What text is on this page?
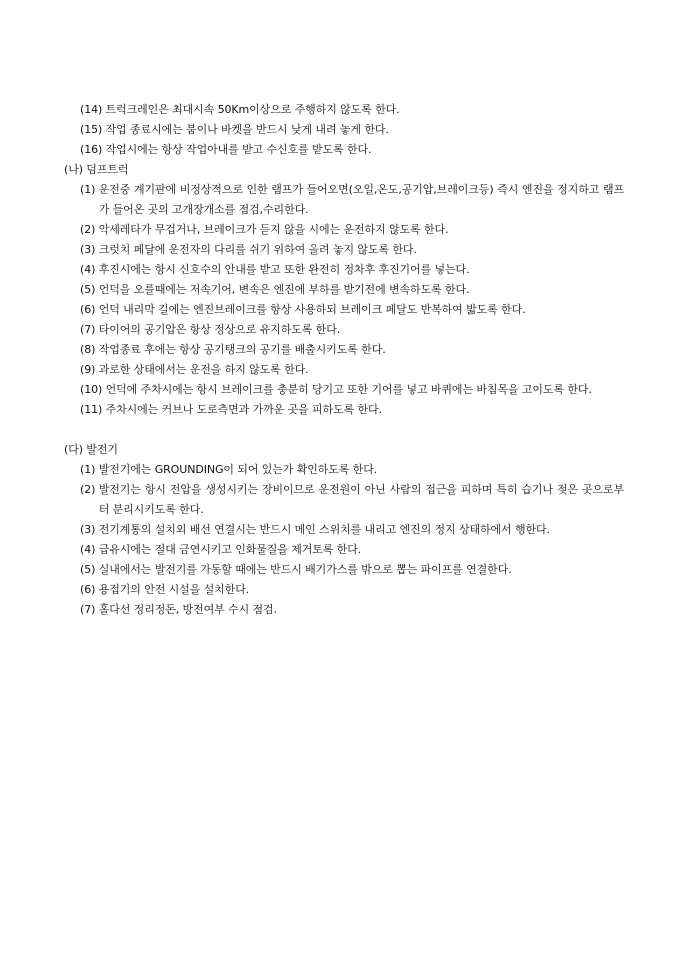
(14) 트럭크레인은 최대시속 50Km이상으로 주행하지 않도록 한다.
(15) 작업 종료시에는 붐이나 바켓을 반드시 낮게 내려 놓게 한다.
(16) 작업시에는 항상 작업아내를 받고 수신호를 받도록 한다.
(나) 덤프트럭
(1) 운전중 계기판에 비정상적으로 인한 램프가 들어오면(오일,온도,공기압,브레이크등) 즉시 엔진을 정지하고 램프가 들어온 곳의 고개장개소를 점검,수리한다.
(2) 악세레타가 무겁거나, 브레이크가 듣지 않을 시에는 운전하지 않도록 한다.
(3) 크럿치 페달에 운전자의 다리를 쉬기 위하여 올려 놓지 않도록 한다.
(4) 후진시에는 항시 신호수의 안내를 받고 또한 완전히 정차후 후진기어를 넣는다.
(5) 언덕을 오를때에는 저속기어, 변속은 엔진에 부하를 받기전에 변속하도록 한다.
(6) 언덕 내리막 길에는 엔진브레이크를 항상 사용하되 브레이크 페달도 반복하여 밟도록 한다.
(7) 타이어의 공기압은 항상 정상으로 유지하도록 한다.
(8) 작업종료 후에는 항상 공기탱크의 공기를 배출시키도록 한다.
(9) 과로한 상태에서는 운전을 하지 않도록 한다.
(10) 언덕에 주차시에는 항시 브레이크를 충분히 당기고 또한 기어를 넣고 바퀴에는 바침목을 고이도록 한다.
(11) 주차시에는 커브나 도로측면과 가까운 곳을 피하도록 한다.
(다) 발전기
(1) 발전기에는 GROUNDING이 되어 있는가 확인하도록 한다.
(2) 발전기는 항시 전압을 생성시키는 장비이므로 운전원이 아닌 사람의 접근을 피하며 특히 습기나 젖은 곳으로부터 분리시키도록 한다.
(3) 전기계통의 설치외 배선 연결시는 반드시 메인 스위치를 내리고 엔진의 정지 상태하에서 행한다.
(4) 급유시에는 절대 금연시키고 인화물질을 제거토록 한다.
(5) 실내에서는 발전기를 가동할 때에는 반드시 배기가스를 밖으로 뽑는 파이프를 연결한다.
(6) 용접기의 안전 시설을 설치한다.
(7) 홀다선 정리정돈, 방전여부 수시 점검.
